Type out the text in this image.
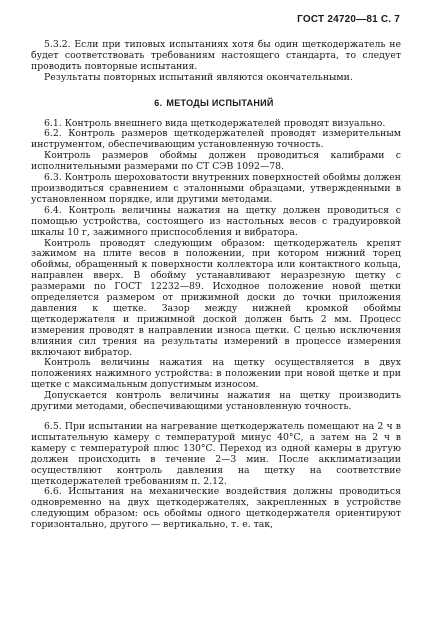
ГОСТ 24720—81 С. 7

5.3.2. Если при типовых испытаниях хотя бы один щеткодержатель не будет соответствовать требованиям настоящего стандарта, то следует проводить повторные испытания.

Результаты повторных испытаний являются окончательными.

6. МЕТОДЫ ИСПЫТАНИЙ

6.1. Контроль внешнего вида щеткодержателей проводят визуально.

6.2. Контроль размеров щеткодержателей проводят измерительным инструментом, обеспечивающим установленную точность.

Контроль размеров обоймы должен проводиться калибрами с исполнительными размерами по СТ СЭВ 1092—78.

6.3. Контроль шероховатости внутренних поверхностей обоймы должен производиться сравнением с эталонными образцами, утвержденными в установленном порядке, или другими методами.

6.4. Контроль величины нажатия на щетку должен проводиться с помощью устройства, состоящего из настольных весов с градуировкой шкалы 10 г, зажимного приспособления и вибратора.

Контроль проводят следующим образом: щеткодержатель крепят зажимом на плите весов в положении, при котором нижний торец обоймы, обращенный к поверхности коллектора или контактного кольца, направлен вверх. В обойму устанавливают неразрезную щетку с размерами по ГОСТ 12232—89. Исходное положение новой щетки определяется размером от прижимной доски до точки приложения давления к щетке. Зазор между нижней кромкой обоймы щеткодержателя и прижимной доской должен быть 2 мм. Процесс измерения проводят в направлении износа щетки. С целью исключения влияния сил трения на результаты измерений в процессе измерения включают вибратор.

Контроль величины нажатия на щетку осуществляется в двух положениях нажимного устройства: в положении при новой щетке и при щетке с максимальным допустимым износом.

Допускается контроль величины нажатия на щетку производить другими методами, обеспечивающими установленную точность.

6.5. При испытании на нагревание щеткодержатель помещают на 2 ч в испытательную камеру с температурой минус 40°С, а затем на 2 ч в камеру с температурой плюс 130°С. Переход из одной камеры в другую должен происходить в течение 2—3 мин. После акклиматизации осуществляют контроль давления на щетку на соответствие щеткодержателей требованиям п. 2.12.

6.6. Испытания на механические воздействия должны проводиться одновременно на двух щеткодержателях, закрепленных в устройстве следующим образом: ось обоймы одного щеткодержателя ориентируют горизонтально, другого — вертикально, т. е. так,
